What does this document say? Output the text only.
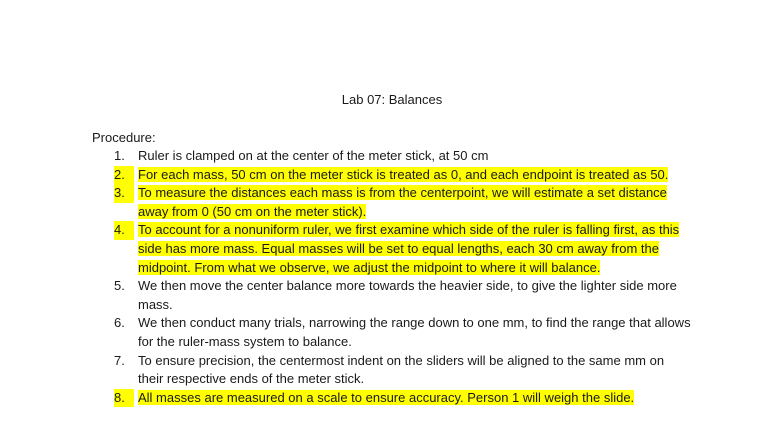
Lab 07: Balances
Procedure:
1.	Ruler is clamped on at the center of the meter stick, at 50 cm
2.	For each mass, 50 cm on the meter stick is treated as 0, and each endpoint is treated as 50.
3.	To measure the distances each mass is from the centerpoint, we will estimate a set distance away from 0 (50 cm on the meter stick).
4.	To account for a nonuniform ruler, we first examine which side of the ruler is falling first, as this side has more mass. Equal masses will be set to equal lengths, each 30 cm away from the midpoint. From what we observe, we adjust the midpoint to where it will balance.
5.	We then move the center balance more towards the heavier side, to give the lighter side more mass.
6.	We then conduct many trials, narrowing the range down to one mm, to find the range that allows for the ruler-mass system to balance.
7.	To ensure precision, the centermost indent on the sliders will be aligned to the same mm on their respective ends of the meter stick.
8.	All masses are measured on a scale to ensure accuracy. Person 1 will weigh the slide.
